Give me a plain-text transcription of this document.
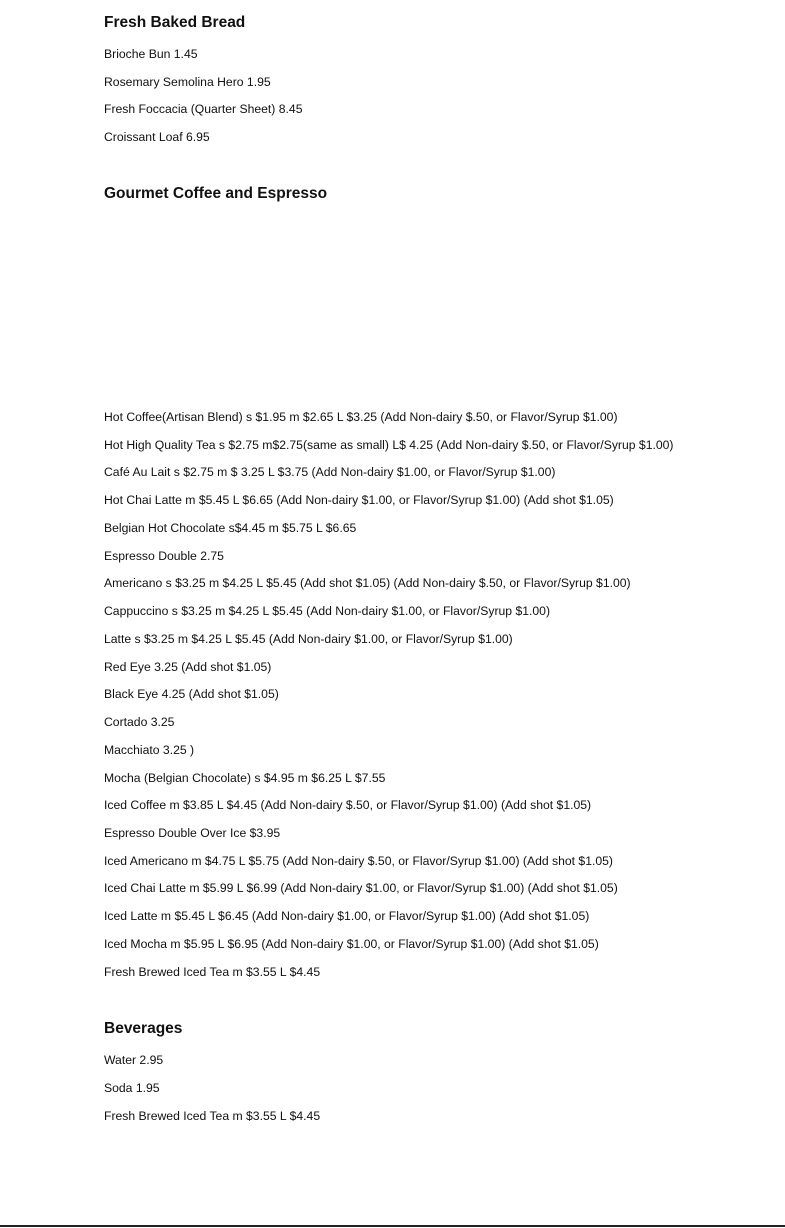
Fresh Baked Bread

Brioche Bun 1.45

Rosemary Semolina Hero 1.95

Fresh Foccacia (Quarter Sheet) 8.45

Croissant Loaf 6.95

Gourmet Coffee and Espresso

Hot Coffee(Artisan Blend) s $1.95 m $2.65 L $3.25 (Add Non-dairy $.50, or Flavor/Syrup $1.00)

Hot High Quality Tea s $2.75 m$2.75(same as small) L$ 4.25 (Add Non-dairy $.50, or Flavor/Syrup $1.00)

Café Au Lait s $2.75 m $ 3.25 L $3.75 (Add Non-dairy $1.00, or Flavor/Syrup $1.00)

Hot Chai Latte m $5.45 L $6.65 (Add Non-dairy $1.00, or Flavor/Syrup $1.00) (Add shot $1.05)

Belgian Hot Chocolate s$4.45 m $5.75 L $6.65

Espresso Double 2.75

Americano s $3.25 m $4.25 L $5.45 (Add shot $1.05) (Add Non-dairy $.50, or Flavor/Syrup $1.00)

Cappuccino s $3.25 m $4.25 L $5.45 (Add Non-dairy $1.00, or Flavor/Syrup $1.00)

Latte s $3.25 m $4.25 L $5.45 (Add Non-dairy $1.00, or Flavor/Syrup $1.00)

Red Eye 3.25 (Add shot $1.05)

Black Eye 4.25 (Add shot $1.05)

Cortado 3.25

Macchiato 3.25 )

Mocha (Belgian Chocolate) s $4.95 m $6.25 L $7.55

Iced Coffee m $3.85 L $4.45 (Add Non-dairy $.50, or Flavor/Syrup $1.00) (Add shot $1.05)

Espresso Double Over Ice $3.95

Iced Americano m $4.75 L $5.75 (Add Non-dairy $.50, or Flavor/Syrup $1.00) (Add shot $1.05)

Iced Chai Latte m $5.99 L $6.99 (Add Non-dairy $1.00, or Flavor/Syrup $1.00) (Add shot $1.05)

Iced Latte m $5.45 L $6.45 (Add Non-dairy $1.00, or Flavor/Syrup $1.00) (Add shot $1.05)

Iced Mocha m $5.95 L $6.95 (Add Non-dairy $1.00, or Flavor/Syrup $1.00) (Add shot $1.05)

Fresh Brewed Iced Tea m $3.55 L $4.45

Beverages

Water 2.95

Soda 1.95

Fresh Brewed Iced Tea m $3.55 L $4.45
